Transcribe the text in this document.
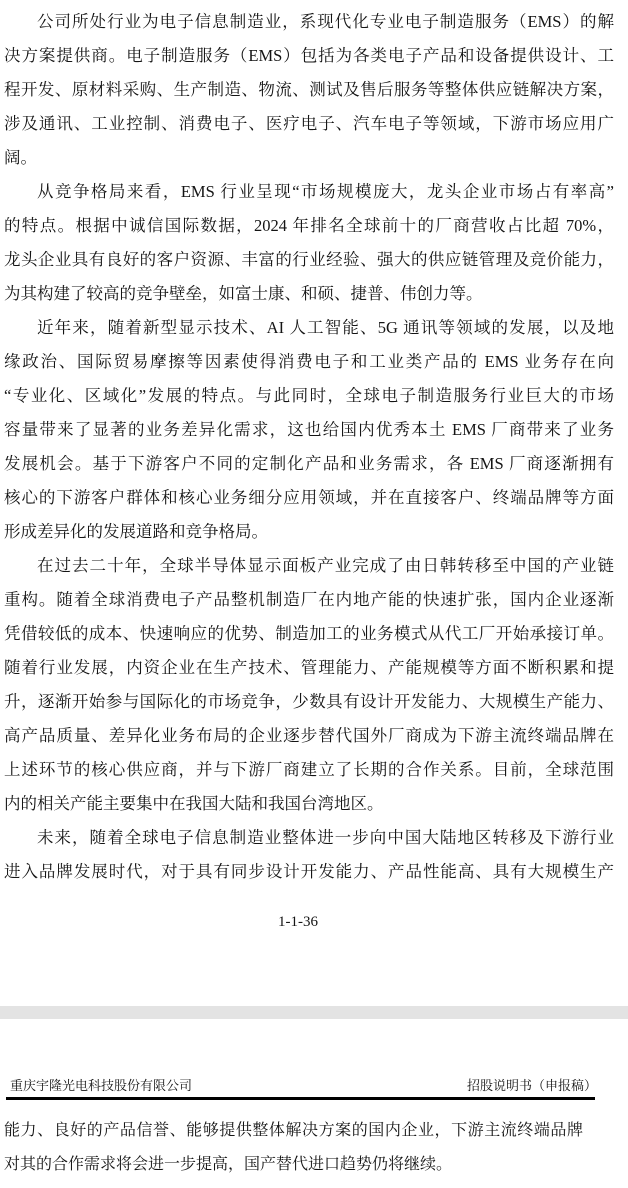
公司所处行业为电子信息制造业，系现代化专业电子制造服务（EMS）的解
决方案提供商。电子制造服务（EMS）包括为各类电子产品和设备提供设计、工
程开发、原材料采购、生产制造、物流、测试及售后服务等整体供应链解决方案，
涉及通讯、工业控制、消费电子、医疗电子、汽车电子等领域，下游市场应用广
阔。
从竞争格局来看，EMS 行业呈现“市场规模庞大，龙头企业市场占有率高”
的特点。根据中诚信国际数据，2024 年排名全球前十的厂商营收占比超 70%，
龙头企业具有良好的客户资源、丰富的行业经验、强大的供应链管理及竞价能力，
为其构建了较高的竞争壁垒，如富士康、和硕、捷普、伟创力等。
近年来，随着新型显示技术、AI 人工智能、5G 通讯等领域的发展，以及地
缘政治、国际贸易摩擦等因素使得消费电子和工业类产品的 EMS 业务存在向
“专业化、区域化”发展的特点。与此同时，全球电子制造服务行业巨大的市场
容量带来了显著的业务差异化需求，这也给国内优秀本土 EMS 厂商带来了业务
发展机会。基于下游客户不同的定制化产品和业务需求，各 EMS 厂商逐渐拥有
核心的下游客户群体和核心业务细分应用领域，并在直接客户、终端品牌等方面
形成差异化的发展道路和竞争格局。
在过去二十年，全球半导体显示面板产业完成了由日韩转移至中国的产业链
重构。随着全球消费电子产品整机制造厂在内地产能的快速扩张，国内企业逐渐
凭借较低的成本、快速响应的优势、制造加工的业务模式从代工厂开始承接订单。
随着行业发展，内资企业在生产技术、管理能力、产能规模等方面不断积累和提
升，逐渐开始参与国际化的市场竞争，少数具有设计开发能力、大规模生产能力、
高产品质量、差异化业务布局的企业逐步替代国外厂商成为下游主流终端品牌在
上述环节的核心供应商，并与下游厂商建立了长期的合作关系。目前，全球范围
内的相关产能主要集中在我国大陆和我国台湾地区。
未来，随着全球电子信息制造业整体进一步向中国大陆地区转移及下游行业
进入品牌发展时代，对于具有同步设计开发能力、产品性能高、具有大规模生产
1-1-36
重庆宇隆光电科技股份有限公司	招股说明书（申报稿）
能力、良好的产品信誉、能够提供整体解决方案的国内企业，下游主流终端品牌
对其的合作需求将会进一步提高，国产替代进口趋势仍将继续。
